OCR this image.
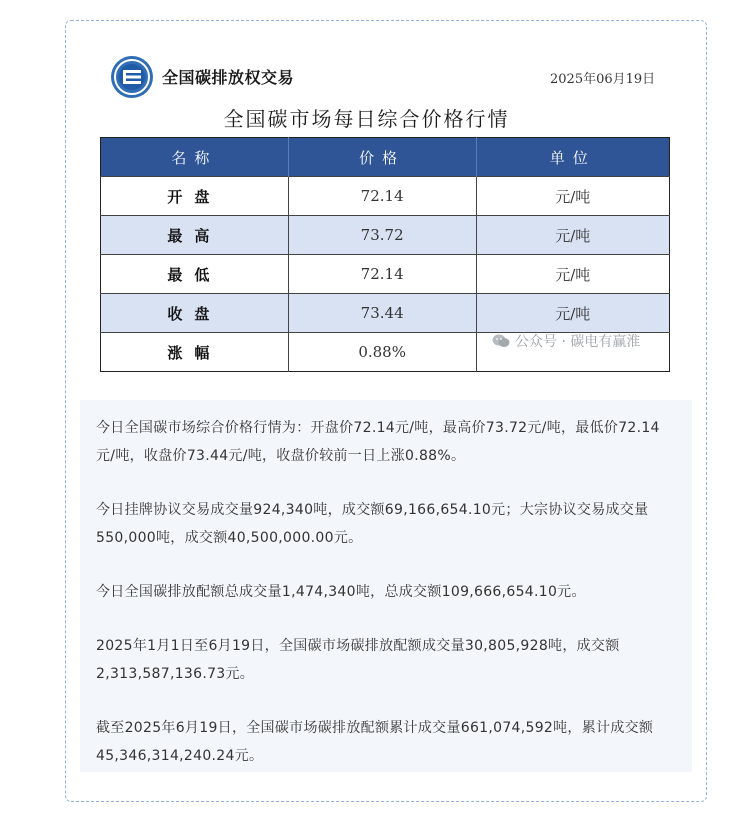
全国碳排放权交易	2025年06月19日
全国碳市场每日综合价格行情
名称	价格	单位
开盘	72.14	元/吨
最高	73.72	元/吨
最低	72.14	元/吨
收盘	73.44	元/吨
涨幅	0.88%	
公众号 · 碳电有赢淮

今日全国碳市场综合价格行情为：开盘价72.14元/吨，最高价73.72元/吨，最低价72.14元/吨，收盘价73.44元/吨，收盘价较前一日上涨0.88%。

今日挂牌协议交易成交量924,340吨，成交额69,166,654.10元；大宗协议交易成交量550,000吨，成交额40,500,000.00元。

今日全国碳排放配额总成交量1,474,340吨，总成交额109,666,654.10元。

2025年1月1日至6月19日，全国碳市场碳排放配额成交量30,805,928吨，成交额2,313,587,136.73元。

截至2025年6月19日，全国碳市场碳排放配额累计成交量661,074,592吨，累计成交额45,346,314,240.24元。
